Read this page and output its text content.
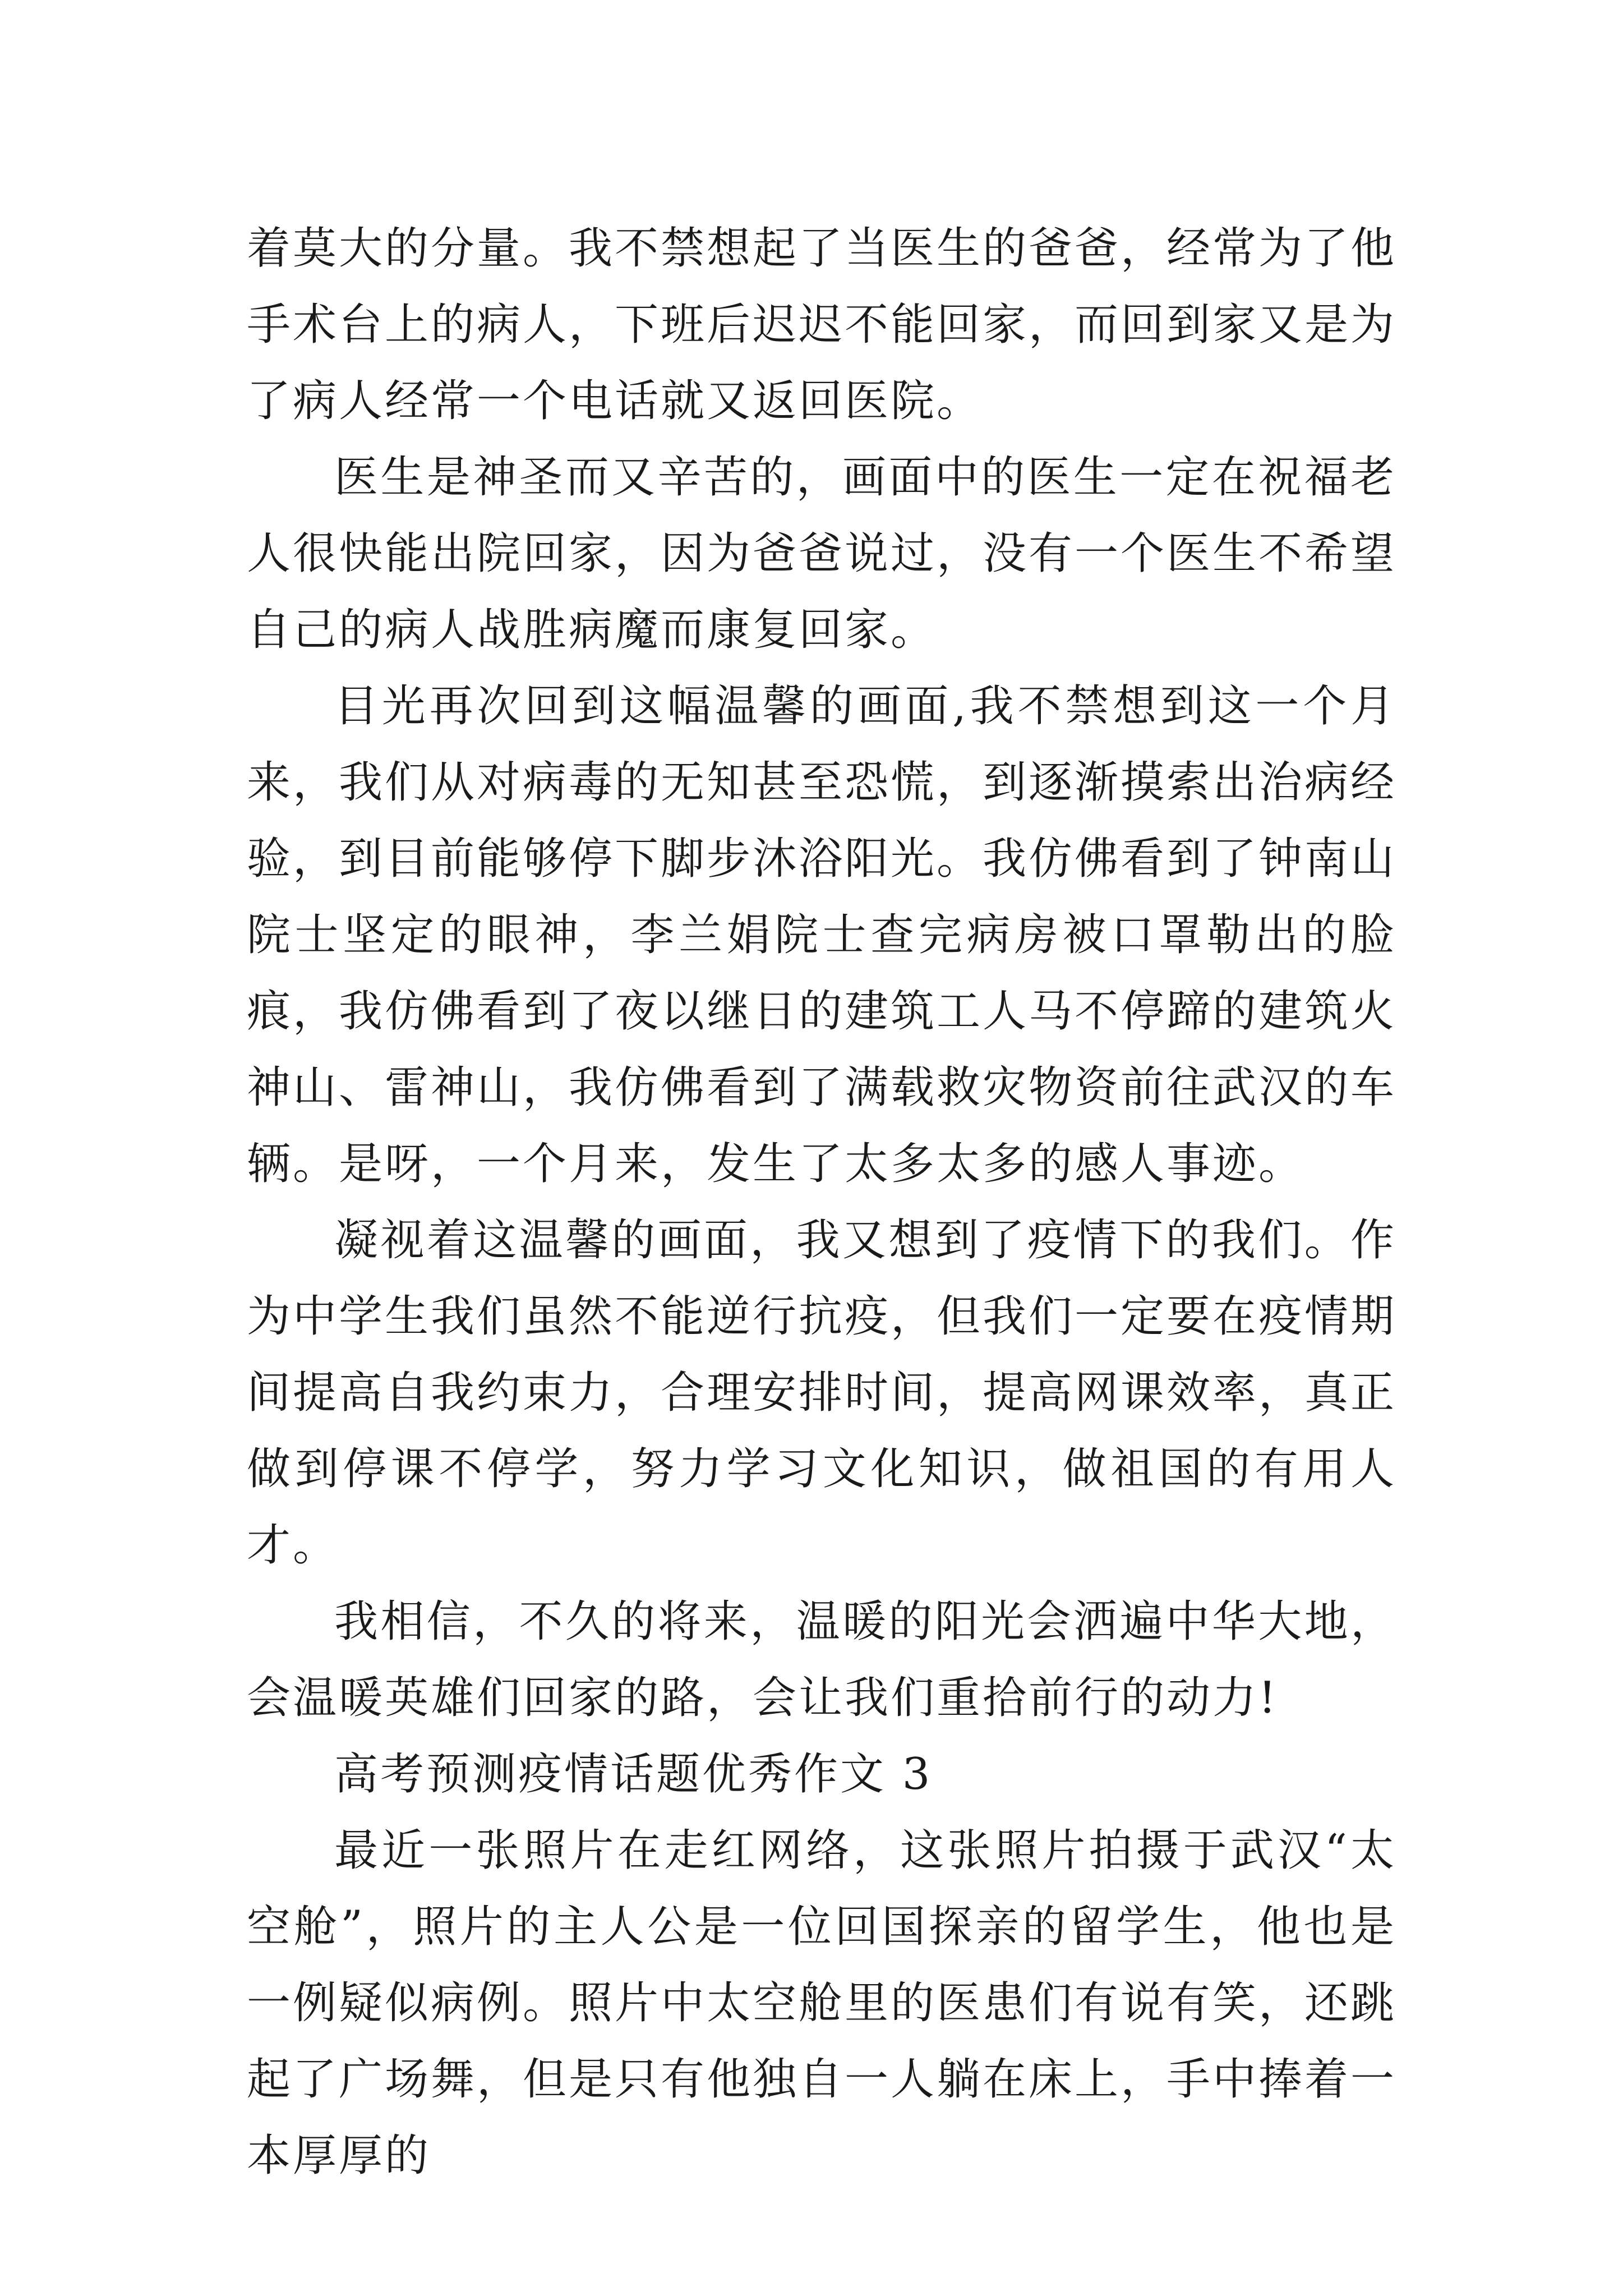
着莫大的分量。我不禁想起了当医生的爸爸，经常为了他手术台上的病人，下班后迟迟不能回家，而回到家又是为了病人经常一个电话就又返回医院。

医生是神圣而又辛苦的，画面中的医生一定在祝福老人很快能出院回家，因为爸爸说过，没有一个医生不希望自己的病人战胜病魔而康复回家。

目光再次回到这幅温馨的画面,我不禁想到这一个月来，我们从对病毒的无知甚至恐慌，到逐渐摸索出治病经验，到目前能够停下脚步沐浴阳光。我仿佛看到了钟南山院士坚定的眼神，李兰娟院士查完病房被口罩勒出的脸痕，我仿佛看到了夜以继日的建筑工人马不停蹄的建筑火神山、雷神山，我仿佛看到了满载救灾物资前往武汉的车辆。是呀，一个月来，发生了太多太多的感人事迹。

凝视着这温馨的画面，我又想到了疫情下的我们。作为中学生我们虽然不能逆行抗疫，但我们一定要在疫情期间提高自我约束力，合理安排时间，提高网课效率，真正做到停课不停学，努力学习文化知识，做祖国的有用人才。

我相信，不久的将来，温暖的阳光会洒遍中华大地，会温暖英雄们回家的路，会让我们重拾前行的动力!

高考预测疫情话题优秀作文 3

最近一张照片在走红网络，这张照片拍摄于武汉“太空舱”，照片的主人公是一位回国探亲的留学生，他也是一例疑似病例。照片中太空舱里的医患们有说有笑，还跳起了广场舞，但是只有他独自一人躺在床上，手中捧着一本厚厚的
